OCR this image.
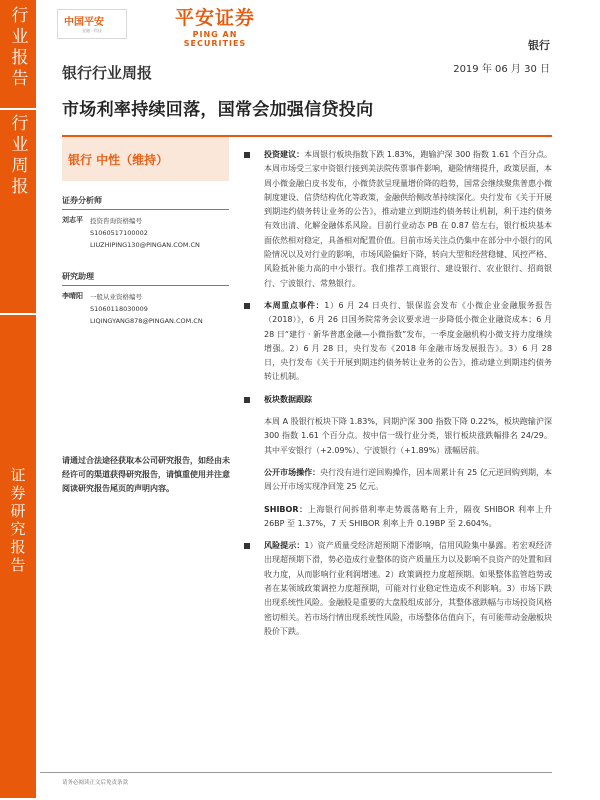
行业报告
行业周报
证券研究报告
中国平安
金融 · 科技
平安证券
PING AN SECURITIES	银行
2019 年 06 月 30 日
银行行业周报
市场利率持续回落，国常会加强信贷投向
银行 中性（维持）
证券分析师
刘志平	投资咨询资格编号
S1060517100002
LIUZHIPING130@PINGAN.COM.CN
研究助理
李晴阳	一般从业资格编号
S1060118030009
LIQINGYANG878@PINGAN.COM.CN
请通过合法途径获取本公司研究报告，如经由未经许可的渠道获得研究报告，请慎重使用并注意阅读研究报告尾页的声明内容。
投资建议：本周银行板块指数下跌 1.83%，跑输沪深 300 指数 1.61 个百分点。本周市场受三家中资银行接到美法院传票事件影响，避险情绪提升，政策层面，本周小微金融白皮书发布，小微贷款呈现量增价降的趋势，国常会继续聚焦普惠小微制度建设、信贷结构优化等政策，金融供给侧改革持续深化。央行发布《关于开展到期违约债务转让业务的公告》，推动建立到期违约债务转让机制，利于违约债务有效出清、化解金融体系风险。目前行业动态 PB 在 0.87 倍左右，银行板块基本面依然相对稳定，具备相对配置价值。目前市场关注点仍集中在部分中小银行的风险情况以及对行业的影响，市场风险偏好下降，转向大型和经营稳健、风控严格、风险抵补能力高的中小银行。我们推荐工商银行、建设银行、农业银行、招商银行、宁波银行、常熟银行。
本周重点事件：1）6 月 24 日央行、银保监会发布《小微企业金融服务报告（2018）》，6 月 26 日国务院常务会议要求进一步降低小微企业融资成本；6 月 28 日“建行 · 新华普惠金融—小微指数”发布，一季度金融机构小微支持力度继续增强。2）6 月 28 日，央行发布《2018 年金融市场发展报告》。3）6 月 28 日，央行发布《关于开展到期违约债务转让业务的公告》，推动建立到期违约债务转让机制。
板块数据跟踪
本周 A 股银行板块下降 1.83%，同期沪深 300 指数下降 0.22%，板块跑输沪深 300 指数 1.61 个百分点。按中信一级行业分类，银行板块涨跌幅排名 24/29。其中平安银行（+2.09%）、宁波银行（+1.89%）涨幅居前。
公开市场操作：央行没有进行逆回购操作，因本周累计有 25 亿元逆回购到期，本周公开市场实现净回笼 25 亿元。
SHIBOR：上海银行间拆借利率走势震荡略有上升，隔夜 SHIBOR 利率上升 26BP 至 1.37%，7 天 SHIBOR 利率上升 0.19BP 至 2.604%。
风险提示：1）资产质量受经济超预期下滑影响，信用风险集中暴露。若宏观经济出现超预期下滑，势必造成行业整体的资产质量压力以及影响不良资产的处置和回收力度，从而影响行业利润增速。2）政策调控力度超预期。如果整体监管趋势或者在某领域政策调控力度超预期，可能对行业稳定性造成不利影响。3）市场下跌出现系统性风险。金融股是重要的大盘股组成部分，其整体涨跌幅与市场投资风格密切相关。若市场行情出现系统性风险，市场整体估值向下，有可能带动金融板块股价下跌。
请务必阅读正文后免责条款
